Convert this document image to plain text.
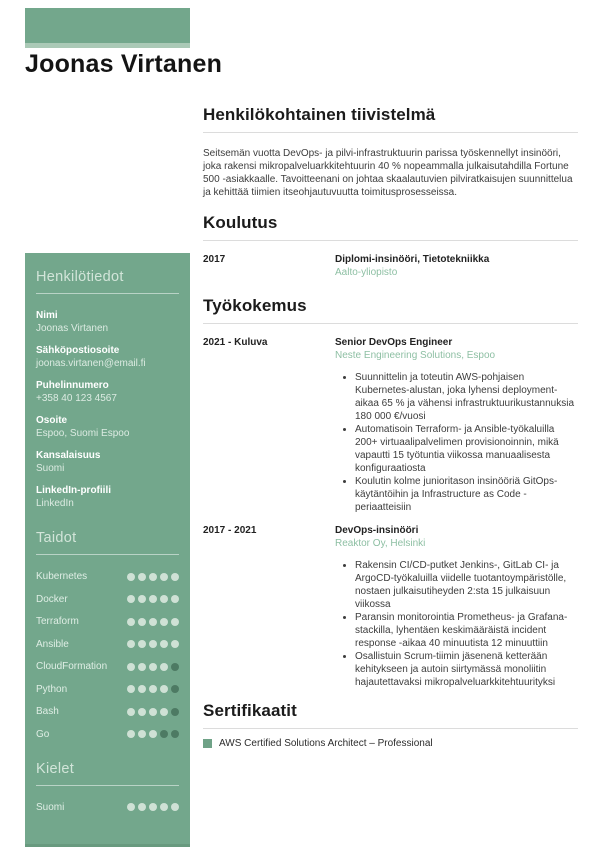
Joonas Virtanen
Henkilötiedot
Nimi
Joonas Virtanen
Sähköpostiosoite
joonas.virtanen@email.fi
Puhelinnumero
+358 40 123 4567
Osoite
Espoo, Suomi Espoo
Kansalaisuus
Suomi
LinkedIn-profiili
LinkedIn
Taidot
Kubernetes
Docker
Terraform
Ansible
CloudFormation
Python
Bash
Go
Kielet
Suomi
Henkilökohtainen tiivistelmä

Seitsemän vuotta DevOps- ja pilvi-infrastruktuurin parissa työskennellyt insinööri, joka rakensi mikropalveluarkkitehtuurin 40 % nopeammalla julkaisutahdilla Fortune 500 -asiakkaalle. Tavoitteenani on johtaa skaalautuvien pilviratkaisujen suunnittelua ja kehittää tiimien itseohjautuvuutta toimitusprosesseissa.

Koulutus
2017	Diplomi-insinööri, Tietotekniikka
Aalto-yliopisto
Työkokemus
2021 - Kuluva	Senior DevOps Engineer
Neste Engineering Solutions, Espoo
• Suunnittelin ja toteutin AWS-pohjaisen Kubernetes-alustan, joka lyhensi deployment-aikaa 65 % ja vähensi infrastruktuurikustannuksia 180 000 €/vuosi
• Automatisoin Terraform- ja Ansible-työkaluilla 200+ virtuaalipalvelimen provisionoinnin, mikä vapautti 15 työtuntia viikossa manuaalisesta konfiguraatiosta
• Koulutin kolme junioritason insinööriä GitOps-käytäntöihin ja Infrastructure as Code -periaatteisiin
2017 - 2021	DevOps-insinööri
Reaktor Oy, Helsinki
• Rakensin CI/CD-putket Jenkins-, GitLab CI- ja ArgoCD-työkaluilla viidelle tuotantoympäristölle, nostaen julkaisutiheyden 2:sta 15 julkaisuun viikossa
• Paransin monitorointia Prometheus- ja Grafana-stackilla, lyhentäen keskimääräistä incident response -aikaa 40 minuutista 12 minuuttiin
• Osallistuin Scrum-tiimin jäsenenä ketterään kehitykseen ja autoin siirtymässä monoliitin hajautettavaksi mikropalveluarkkitehtuurityksi
Sertifikaatit
AWS Certified Solutions Architect – Professional
